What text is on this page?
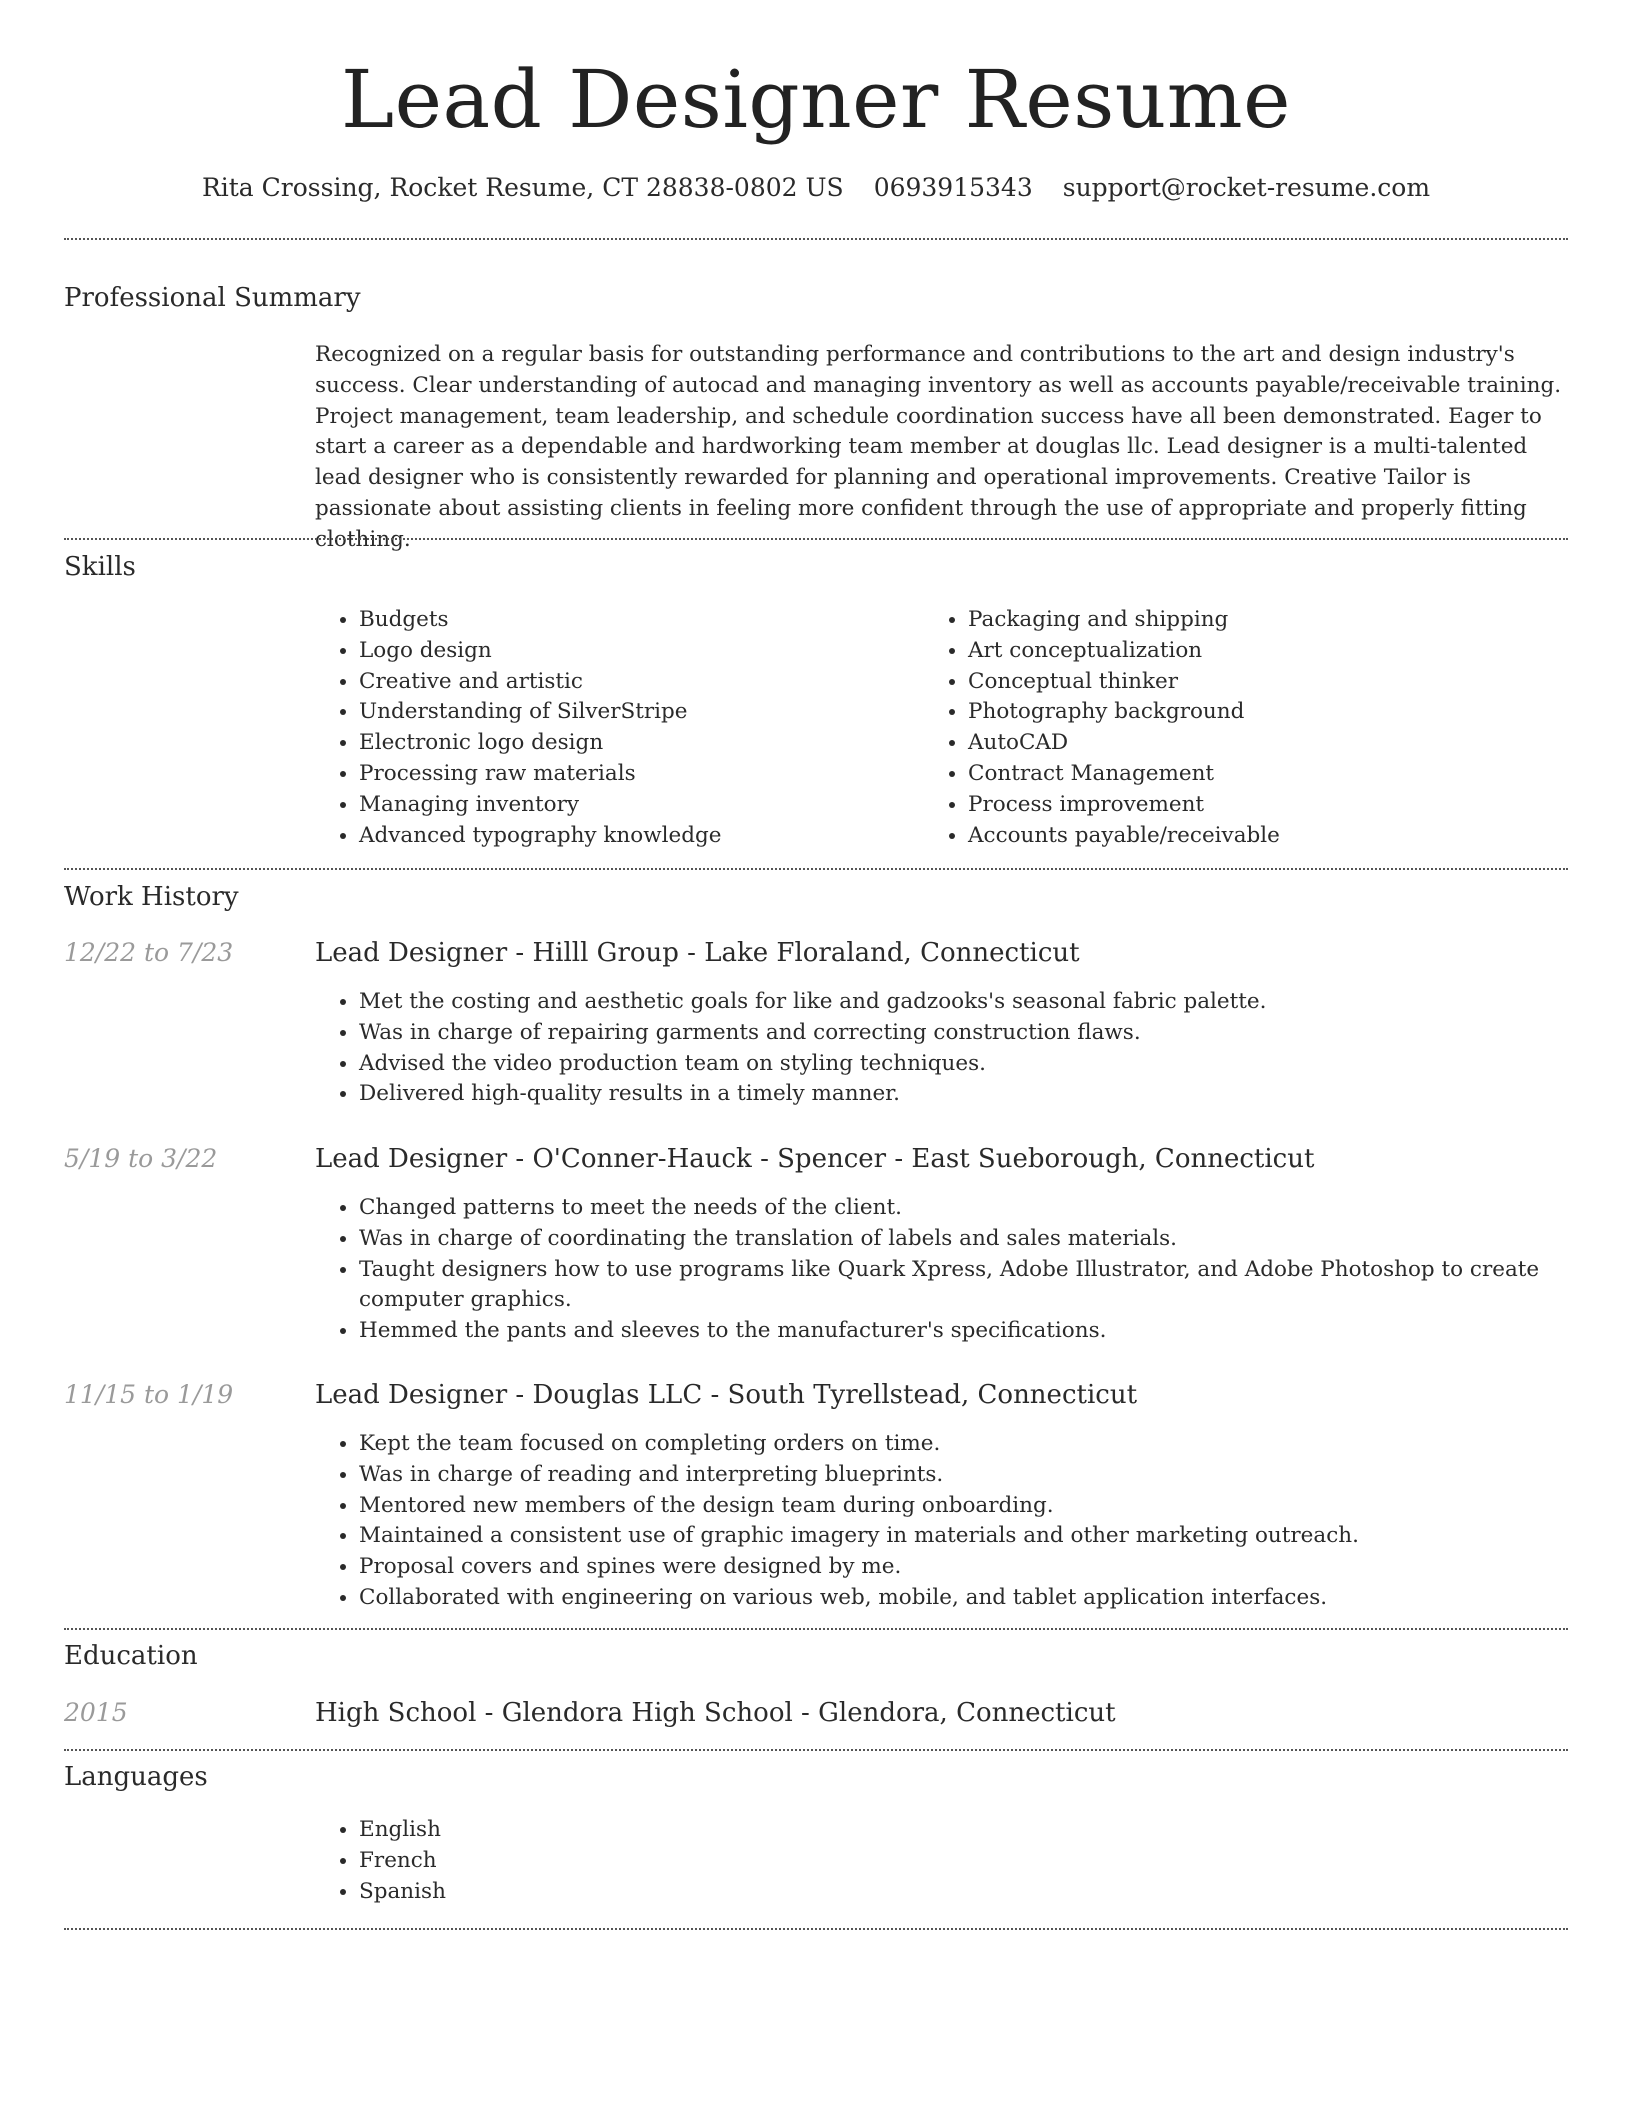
Lead Designer Resume
Rita Crossing, Rocket Resume, CT 28838-0802 US 0693915343 support@rocket-resume.com
Professional Summary

Recognized on a regular basis for outstanding performance and contributions to the art and design industry's success. Clear understanding of autocad and managing inventory as well as accounts payable/receivable training. Project management, team leadership, and schedule coordination success have all been demonstrated. Eager to start a career as a dependable and hardworking team member at douglas llc. Lead designer is a multi-talented lead designer who is consistently rewarded for planning and operational improvements. Creative Tailor is passionate about assisting clients in feeling more confident through the use of appropriate and properly fitting clothing.

Skills
• Budgets
• Logo design
• Creative and artistic
• Understanding of SilverStripe
• Electronic logo design
• Processing raw materials
• Managing inventory
• Advanced typography knowledge
• Packaging and shipping
• Art conceptualization
• Conceptual thinker
• Photography background
• AutoCAD
• Contract Management
• Process improvement
• Accounts payable/receivable
Work History
12/22 to 7/23	Lead Designer - Hilll Group - Lake Floraland, Connecticut
• Met the costing and aesthetic goals for like and gadzooks's seasonal fabric palette.
• Was in charge of repairing garments and correcting construction flaws.
• Advised the video production team on styling techniques.
• Delivered high-quality results in a timely manner.
5/19 to 3/22	Lead Designer - O'Conner-Hauck - Spencer - East Sueborough, Connecticut
• Changed patterns to meet the needs of the client.
• Was in charge of coordinating the translation of labels and sales materials.
• Taught designers how to use programs like Quark Xpress, Adobe Illustrator, and Adobe Photoshop to create computer graphics.
• Hemmed the pants and sleeves to the manufacturer's specifications.
11/15 to 1/19	Lead Designer - Douglas LLC - South Tyrellstead, Connecticut
• Kept the team focused on completing orders on time.
• Was in charge of reading and interpreting blueprints.
• Mentored new members of the design team during onboarding.
• Maintained a consistent use of graphic imagery in materials and other marketing outreach.
• Proposal covers and spines were designed by me.
• Collaborated with engineering on various web, mobile, and tablet application interfaces.
Education
2015	High School - Glendora High School - Glendora, Connecticut
Languages
• English
• French
• Spanish
